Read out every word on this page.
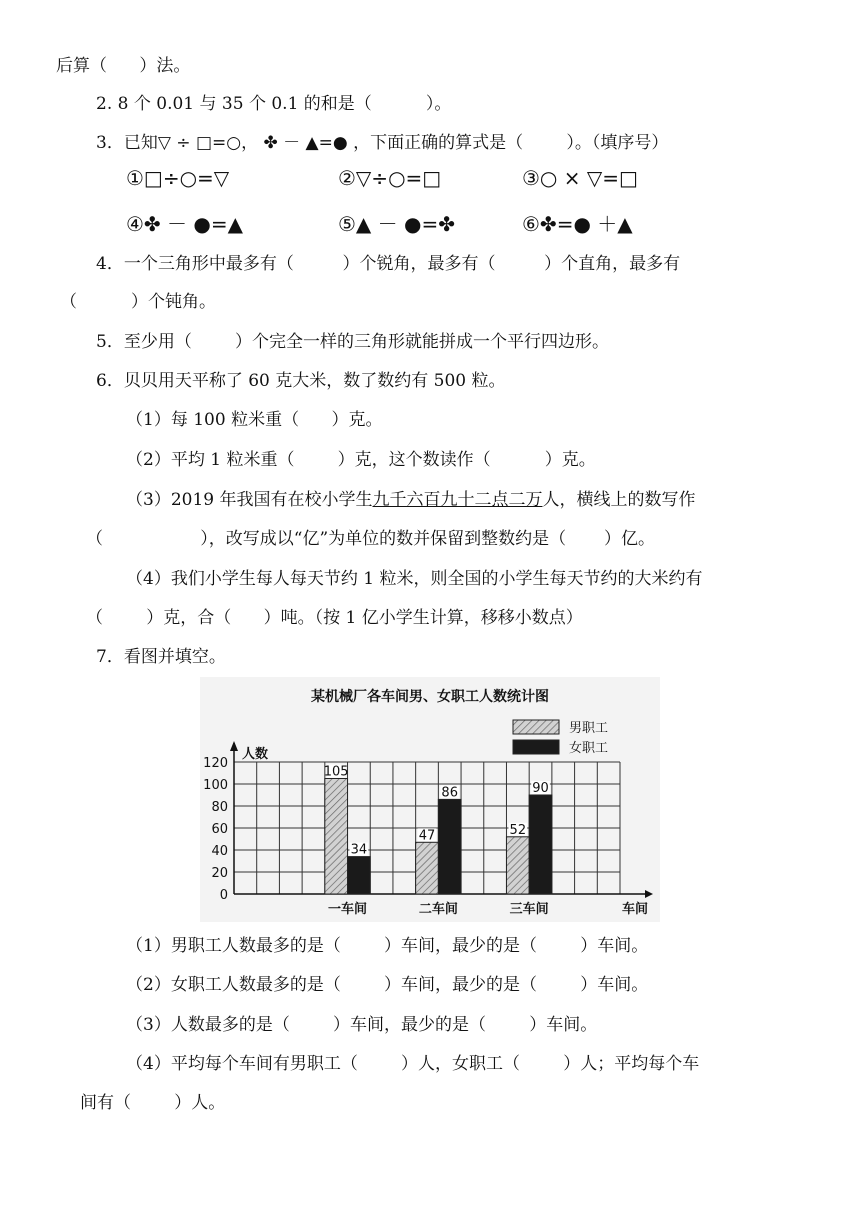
后算（      ）法。
2. 8 个 0.01 与 35 个 0.1 的和是（          ）。
3．已知▽ ÷ □=○， ✤ － ▲=● ，下面正确的算式是（        ）。（填序号）
①□÷○=▽	②▽÷○=□	③○ × ▽=□
④✤ － ●=▲	⑤▲ － ●=✤	⑥✤=● ＋▲
4．一个三角形中最多有（         ）个锐角，最多有（         ）个直角，最多有
（          ）个钝角。
5．至少用（        ）个完全一样的三角形就能拼成一个平行四边形。
6．贝贝用天平称了 60 克大米，数了数约有 500 粒。
（1）每 100 粒米重（      ）克。
（2）平均 1 粒米重（        ）克，这个数读作（          ）克。
（3）2019 年我国有在校小学生九千六百九十二点二万人，横线上的数写作
（                  ），改写成以“亿”为单位的数并保留到整数约是（       ）亿。
（4）我们小学生每人每天节约 1 粒米，则全国的小学生每天节约的大米约有
（        ）克，合（      ）吨。（按 1 亿小学生计算，移移小数点）
7．看图并填空。
某机械厂各车间男、女职工人数统计图
人数
车间
0
20
40
60
80
100
120
105
34
一车间
47
86
二车间
52
90
三车间
男职工
女职工
（1）男职工人数最多的是（        ）车间，最少的是（        ）车间。
（2）女职工人数最多的是（        ）车间，最少的是（        ）车间。
（3）人数最多的是（        ）车间，最少的是（        ）车间。
（4）平均每个车间有男职工（        ）人，女职工（        ）人；平均每个车
间有（        ）人。
